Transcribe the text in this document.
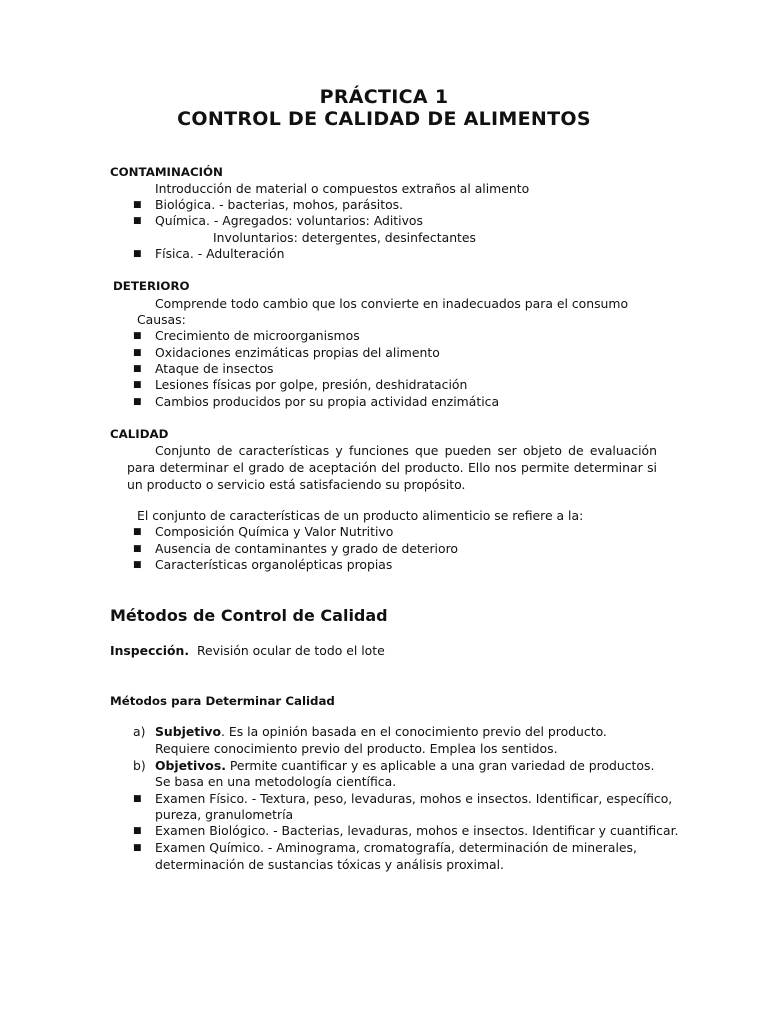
PRÁCTICA 1
CONTROL DE CALIDAD DE ALIMENTOS
CONTAMINACIÓN
Introducción de material o compuestos extraños al alimento
■ Biológica. - bacterias, mohos, parásitos.
■ Química. - Agregados: voluntarios: Aditivos
Involuntarios: detergentes, desinfectantes
■ Física. - Adulteración
DETERIORO
Comprende todo cambio que los convierte en inadecuados para el consumo
Causas:
■ Crecimiento de microorganismos
■ Oxidaciones enzimáticas propias del alimento
■ Ataque de insectos
■ Lesiones físicas por golpe, presión, deshidratación
■ Cambios producidos por su propia actividad enzimática
CALIDAD

Conjunto de características y funciones que pueden ser objeto de evaluación para determinar el grado de aceptación del producto. Ello nos permite determinar si un producto o servicio está satisfaciendo su propósito.

El conjunto de características de un producto alimenticio se refiere a la:
■ Composición Química y Valor Nutritivo
■ Ausencia de contaminantes y grado de deterioro
■ Características organolépticas propias
Métodos de Control de Calidad
Inspección. Revisión ocular de todo el lote
Métodos para Determinar Calidad
a) Subjetivo. Es la opinión basada en el conocimiento previo del producto.
Requiere conocimiento previo del producto. Emplea los sentidos.
b) Objetivos. Permite cuantificar y es aplicable a una gran variedad de productos.
Se basa en una metodología científica.
■ Examen Físico. - Textura, peso, levaduras, mohos e insectos. Identificar, específico,
pureza, granulometría
■ Examen Biológico. - Bacterias, levaduras, mohos e insectos. Identificar y cuantificar.
■ Examen Químico. - Aminograma, cromatografía, determinación de minerales,
determinación de sustancias tóxicas y análisis proximal.
